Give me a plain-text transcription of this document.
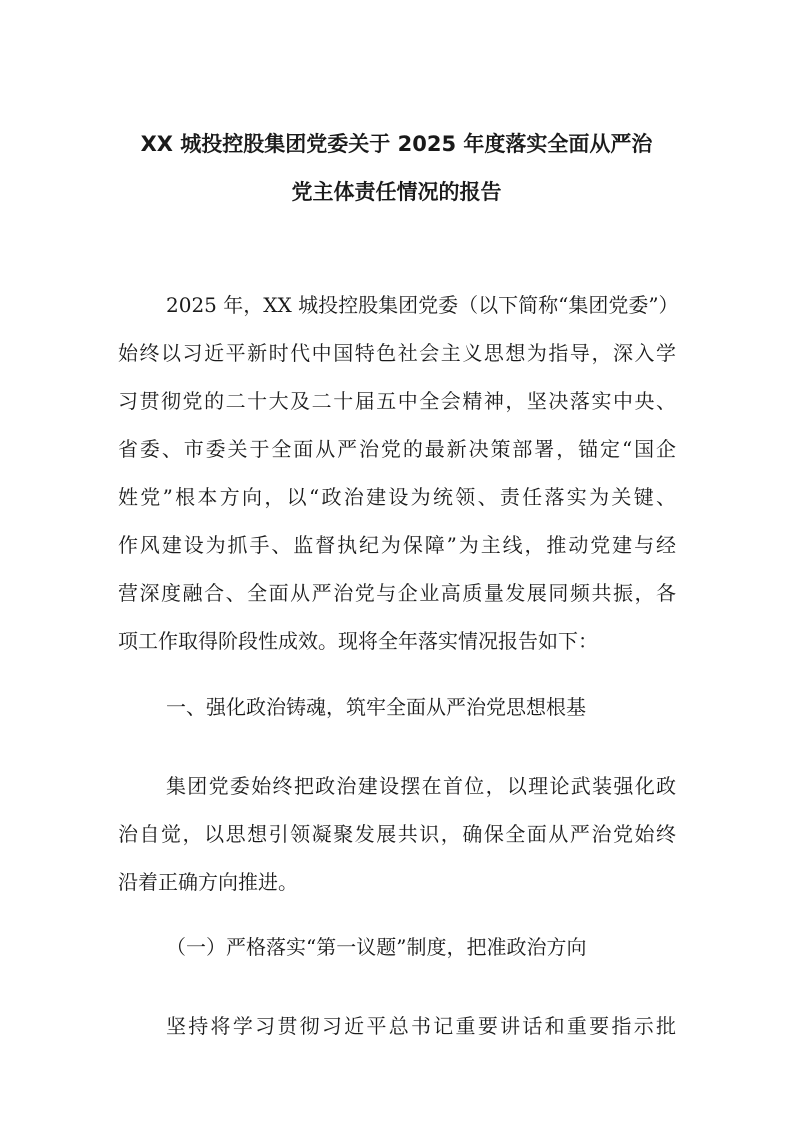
XX 城投控股集团党委关于 2025 年度落实全面从严治
党主体责任情况的报告
2025 年，XX 城投控股集团党委（以下简称“集团党委”）
始终以习近平新时代中国特色社会主义思想为指导，深入学
习贯彻党的二十大及二十届五中全会精神，坚决落实中央、
省委、市委关于全面从严治党的最新决策部署，锚定“国企
姓党”根本方向，以“政治建设为统领、责任落实为关键、
作风建设为抓手、监督执纪为保障”为主线，推动党建与经
营深度融合、全面从严治党与企业高质量发展同频共振，各
项工作取得阶段性成效。现将全年落实情况报告如下：
一、强化政治铸魂，筑牢全面从严治党思想根基
集团党委始终把政治建设摆在首位，以理论武装强化政
治自觉，以思想引领凝聚发展共识，确保全面从严治党始终
沿着正确方向推进。
（一）严格落实“第一议题”制度，把准政治方向
坚持将学习贯彻习近平总书记重要讲话和重要指示批
